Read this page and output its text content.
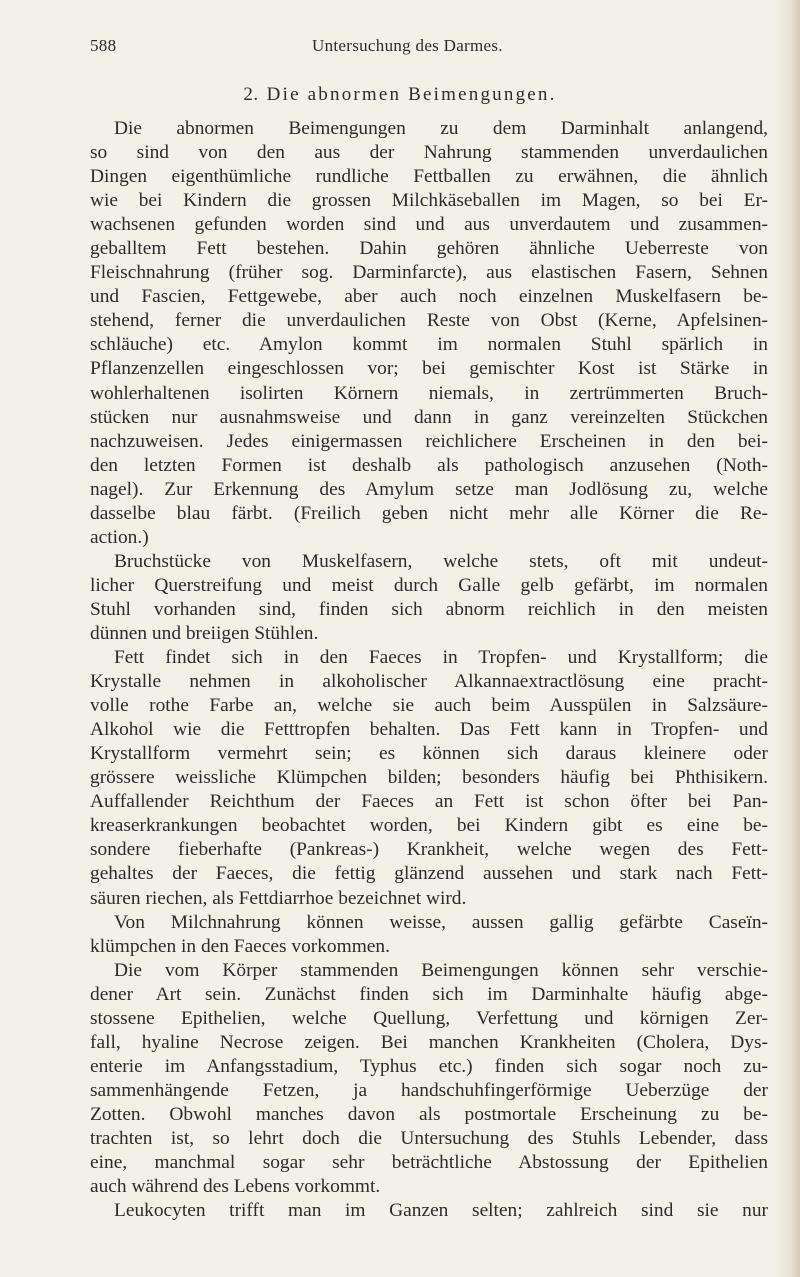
588	Untersuchung des Darmes.
2. Die abnormen Beimengungen.
Die abnormen Beimengungen zu dem Darminhalt anlangend,
so sind von den aus der Nahrung stammenden unverdaulichen
Dingen eigenthümliche rundliche Fettballen zu erwähnen, die ähnlich
wie bei Kindern die grossen Milchkäseballen im Magen, so bei Er-
wachsenen gefunden worden sind und aus unverdautem und zusammen-
geballtem Fett bestehen. Dahin gehören ähnliche Ueberreste von
Fleischnahrung (früher sog. Darminfarcte), aus elastischen Fasern, Sehnen
und Fascien, Fettgewebe, aber auch noch einzelnen Muskelfasern be-
stehend, ferner die unverdaulichen Reste von Obst (Kerne, Apfelsinen-
schläuche) etc. Amylon kommt im normalen Stuhl spärlich in
Pflanzenzellen eingeschlossen vor; bei gemischter Kost ist Stärke in
wohlerhaltenen isolirten Körnern niemals, in zertrümmerten Bruch-
stücken nur ausnahmsweise und dann in ganz vereinzelten Stückchen
nachzuweisen. Jedes einigermassen reichlichere Erscheinen in den bei-
den letzten Formen ist deshalb als pathologisch anzusehen (Noth-
nagel). Zur Erkennung des Amylum setze man Jodlösung zu, welche
dasselbe blau färbt. (Freilich geben nicht mehr alle Körner die Re-
action.)
Bruchstücke von Muskelfasern, welche stets, oft mit undeut-
licher Querstreifung und meist durch Galle gelb gefärbt, im normalen
Stuhl vorhanden sind, finden sich abnorm reichlich in den meisten
dünnen und breiigen Stühlen.
Fett findet sich in den Faeces in Tropfen- und Krystallform; die
Krystalle nehmen in alkoholischer Alkannaextractlösung eine pracht-
volle rothe Farbe an, welche sie auch beim Ausspülen in Salzsäure-
Alkohol wie die Fetttropfen behalten. Das Fett kann in Tropfen- und
Krystallform vermehrt sein; es können sich daraus kleinere oder
grössere weissliche Klümpchen bilden; besonders häufig bei Phthisikern.
Auffallender Reichthum der Faeces an Fett ist schon öfter bei Pan-
kreaserkrankungen beobachtet worden, bei Kindern gibt es eine be-
sondere fieberhafte (Pankreas-) Krankheit, welche wegen des Fett-
gehaltes der Faeces, die fettig glänzend aussehen und stark nach Fett-
säuren riechen, als Fettdiarrhoe bezeichnet wird.
Von Milchnahrung können weisse, aussen gallig gefärbte Caseïn-
klümpchen in den Faeces vorkommen.
Die vom Körper stammenden Beimengungen können sehr verschie-
dener Art sein. Zunächst finden sich im Darminhalte häufig abge-
stossene Epithelien, welche Quellung, Verfettung und körnigen Zer-
fall, hyaline Necrose zeigen. Bei manchen Krankheiten (Cholera, Dys-
enterie im Anfangsstadium, Typhus etc.) finden sich sogar noch zu-
sammenhängende Fetzen, ja handschuhfingerförmige Ueberzüge der
Zotten. Obwohl manches davon als postmortale Erscheinung zu be-
trachten ist, so lehrt doch die Untersuchung des Stuhls Lebender, dass
eine, manchmal sogar sehr beträchtliche Abstossung der Epithelien
auch während des Lebens vorkommt.
Leukocyten trifft man im Ganzen selten; zahlreich sind sie nur
